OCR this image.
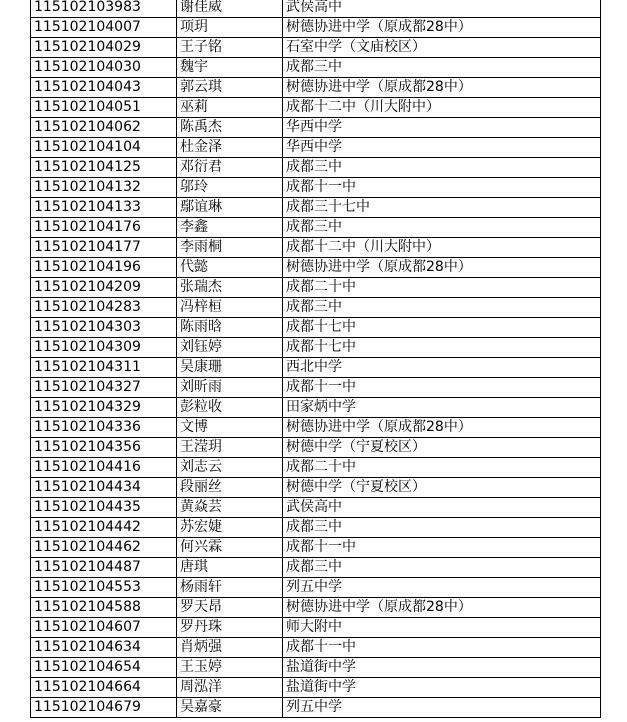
115102103983	谢佳威	武侯高中
115102104007	项玥	树德协进中学（原成都28中）
115102104029	王子铭	石室中学（文庙校区）
115102104030	魏宇	成都三中
115102104043	郭云琪	树德协进中学（原成都28中）
115102104051	巫莉	成都十二中（川大附中）
115102104062	陈禹杰	华西中学
115102104104	杜金泽	华西中学
115102104125	邓衍君	成都三中
115102104132	邬玲	成都十一中
115102104133	鄢谊琳	成都三十七中
115102104176	李鑫	成都三中
115102104177	李雨桐	成都十二中（川大附中）
115102104196	代懿	树德协进中学（原成都28中）
115102104209	张瑞杰	成都二十中
115102104283	冯梓桓	成都三中
115102104303	陈雨晗	成都十七中
115102104309	刘钰婷	成都十七中
115102104311	吴康珊	西北中学
115102104327	刘昕雨	成都十一中
115102104329	彭粒收	田家炳中学
115102104336	文博	树德协进中学（原成都28中）
115102104356	王滢玥	树德中学（宁夏校区）
115102104416	刘志云	成都二十中
115102104434	段丽丝	树德中学（宁夏校区）
115102104435	黄焱芸	武侯高中
115102104442	苏宏婕	成都三中
115102104462	何兴霖	成都十一中
115102104487	唐琪	成都三中
115102104553	杨雨轩	列五中学
115102104588	罗天昂	树德协进中学（原成都28中）
115102104607	罗丹珠	师大附中
115102104634	肖炳强	成都十一中
115102104654	王玉婷	盐道街中学
115102104664	周泓洋	盐道街中学
115102104679	吴嘉豪	列五中学
